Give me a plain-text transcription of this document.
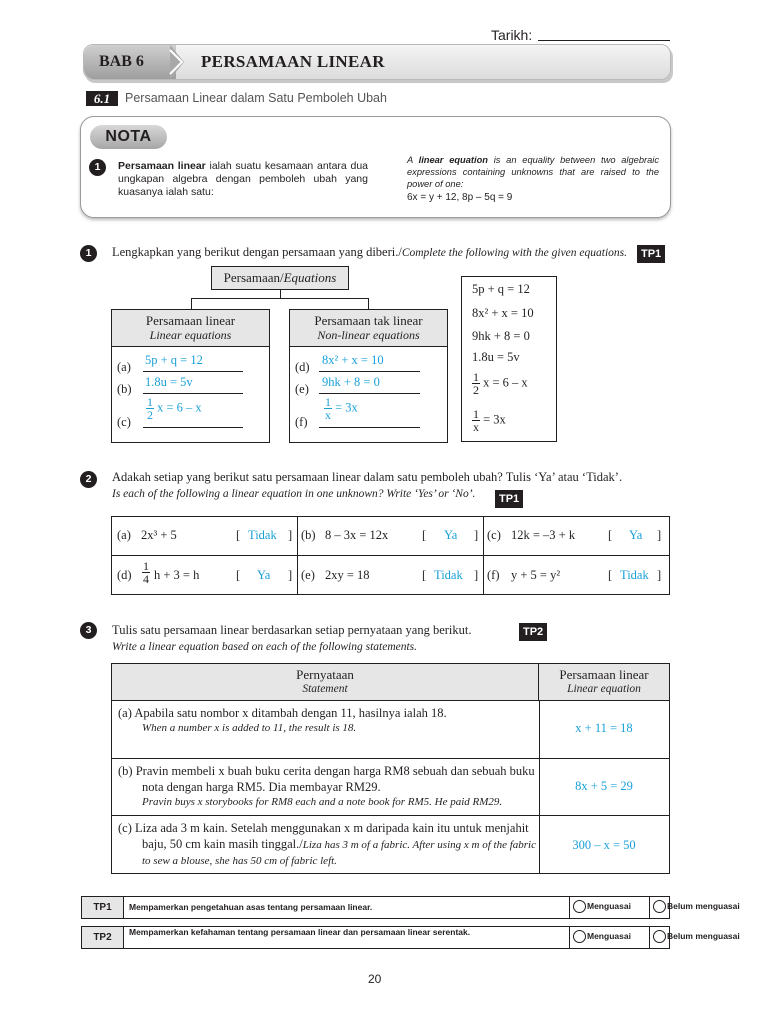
Tarikh:
BAB 6	PERSAMAAN LINEAR
6.1	Persamaan Linear dalam Satu Pemboleh Ubah
NOTA
1	Persamaan linear ialah suatu kesamaan antara dua ungkapan algebra dengan pemboleh ubah yang kuasanya ialah satu:
A linear equation is an equality between two algebraic expressions containing unknowns that are raised to the power of one:
6x = y + 12, 8p – 5q = 9
1	Lengkapkan yang berikut dengan persamaan yang diberi./Complete the following with the given equations.	TP1
Persamaan/Equations
Persamaan linear
Linear equations
(a) 5p + q = 12
(b) 1.8u = 5v
(c)
$\frac{1}{2}$ x = 6 – x
Persamaan tak linear
Non-linear equations
(d) 8x² + x = 10
(e) 9hk + 8 = 0
(f)
$\frac{1}{x} = 3x$
5p + q = 12
8x² + x = 10
9hk + 8 = 0
1.8u = 5v
$\frac{1}{2}$ x = 6 – x
$\frac{1}{x} = 3x$
2	Adakah setiap yang berikut satu persamaan linear dalam satu pemboleh ubah? Tulis ‘Ya’ atau ‘Tidak’.
Is each of the following a linear equation in one unknown? Write ‘Yes’ or ‘No’.	TP1
(a) 2x³ + 5	[ Tidak ] (b) 8 – 3x = 12x	[ Ya ] (c) 12k = –3 + k	[ Ya ]
$(d) \frac{1}{4}$ h + 3 = h	[ Ya ] (e) 2xy = 18	[ Tidak ] (f) y + 5 = y²	[ Tidak ]
3	Tulis satu persamaan linear berdasarkan setiap pernyataan yang berikut.	TP2
Write a linear equation based on each of the following statements.
Pernyataan
Statement
Persamaan linear
Linear equation
(a) Apabila satu nombor x ditambah dengan 11, hasilnya ialah 18.
When a number x is added to 11, the result is 18.	x + 11 = 18
(b) Pravin membeli x buah buku cerita dengan harga RM8 sebuah dan sebuah buku nota dengan harga RM5. Dia membayar RM29.
Pravin buys x storybooks for RM8 each and a note book for RM5. He paid RM29.
8x + 5 = 29
(c) Liza ada 3 m kain. Setelah menggunakan x m daripada kain itu untuk menjahit baju, 50 cm kain masih tinggal./Liza has 3 m of a fabric. After using x m of the fabric to sew a blouse, she has 50 cm of fabric left.
300 – x = 50
TP1	Mempamerkan pengetahuan asas tentang persamaan linear.	Menguasai	Belum menguasai
TP2	Mempamerkan kefahaman tentang persamaan linear dan persamaan linear serentak.	Menguasai	Belum menguasai
20
